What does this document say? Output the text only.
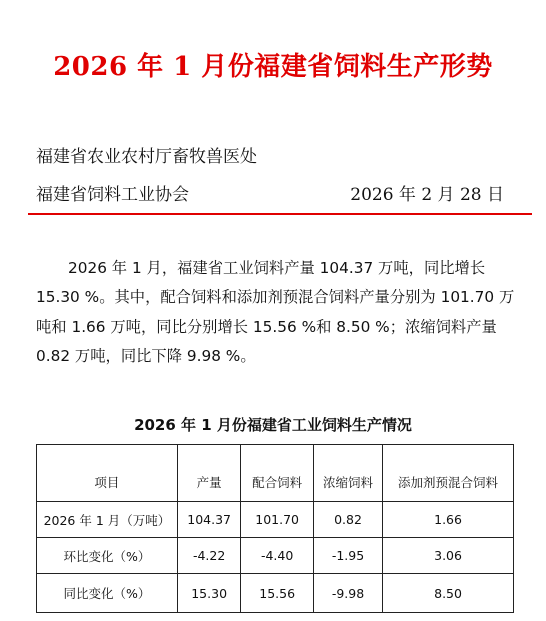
2026 年 1 月份福建省饲料生产形势
福建省农业农村厅畜牧兽医处
福建省饲料工业协会	2026 年 2 月 28 日
2026 年 1 月，福建省工业饲料产量 104.37 万吨，同比增长 15.30 %。其中，配合饲料和添加剂预混合饲料产量分别为 101.70 万吨和 1.66 万吨，同比分别增长 15.56 %和 8.50 %；浓缩饲料产量 0.82 万吨，同比下降 9.98 %。
2026 年 1 月份福建省工业饲料生产情况
项目	产量	配合饲料	浓缩饲料	添加剂预混合饲料
2026 年 1 月（万吨）	104.37	101.70	0.82	1.66
环比变化（%）	-4.22	-4.40	-1.95	3.06
同比变化（%）	15.30	15.56	-9.98	8.50
